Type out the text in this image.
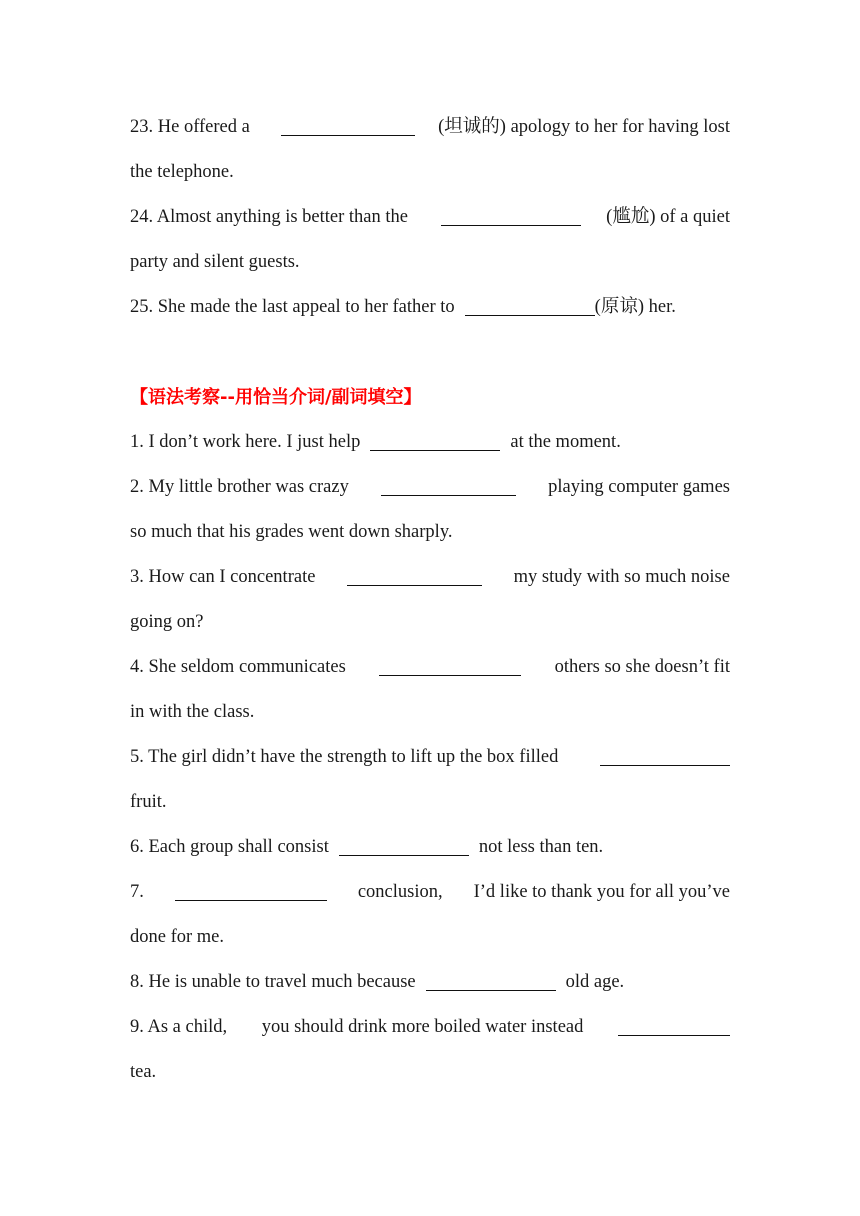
23. He offered a	(坦诚的) apology to her for having lost
the telephone.
24. Almost anything is better than the	(尴尬) of a quiet
party and silent guests.
25. She made the last appeal to her father to	(原谅) her.
【语法考察--用恰当介词/副词填空】
1. I don’t work here. I just help	at the moment.
2. My little brother was crazy	playing computer games
so much that his grades went down sharply.
3. How can I concentrate	my study with so much noise
going on?
4. She seldom communicates	others so she doesn’t fit
in with the class.
5. The girl didn’t have the strength to lift up the box filled
fruit.
6. Each group shall consist	not less than ten.
7.	conclusion, I’d like to thank you for all you’ve
done for me.
8. He is unable to travel much because	old age.
9. As a child, you should drink more boiled water instead
tea.
